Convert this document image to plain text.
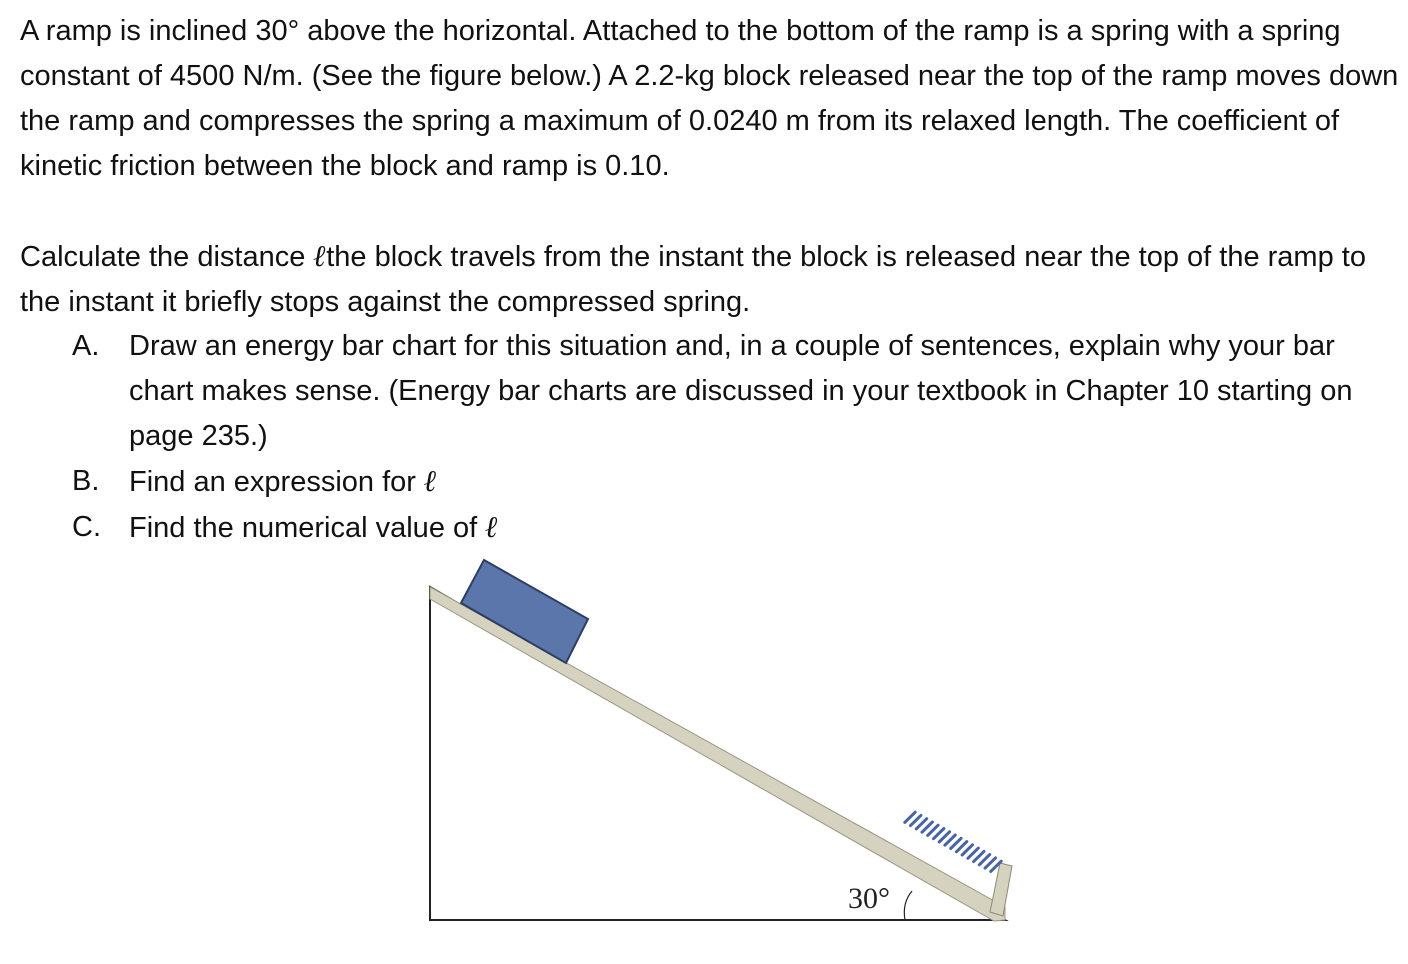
A ramp is inclined 30° above the horizontal. Attached to the bottom of the ramp is a spring with a spring constant of 4500 N/m. (See the figure below.) A 2.2-kg block released near the top of the ramp moves down the ramp and compresses the spring a maximum of 0.0240 m from its relaxed length. The coefficient of kinetic friction between the block and ramp is 0.10.

Calculate the distance ℓthe block travels from the instant the block is released near the top of the ramp to the instant it briefly stops against the compressed spring.

A. Draw an energy bar chart for this situation and, in a couple of sentences, explain why your bar chart makes sense. (Energy bar charts are discussed in your textbook in Chapter 10 starting on page 235.)
B. Find an expression for ℓ
C. Find the numerical value of ℓ
30°
